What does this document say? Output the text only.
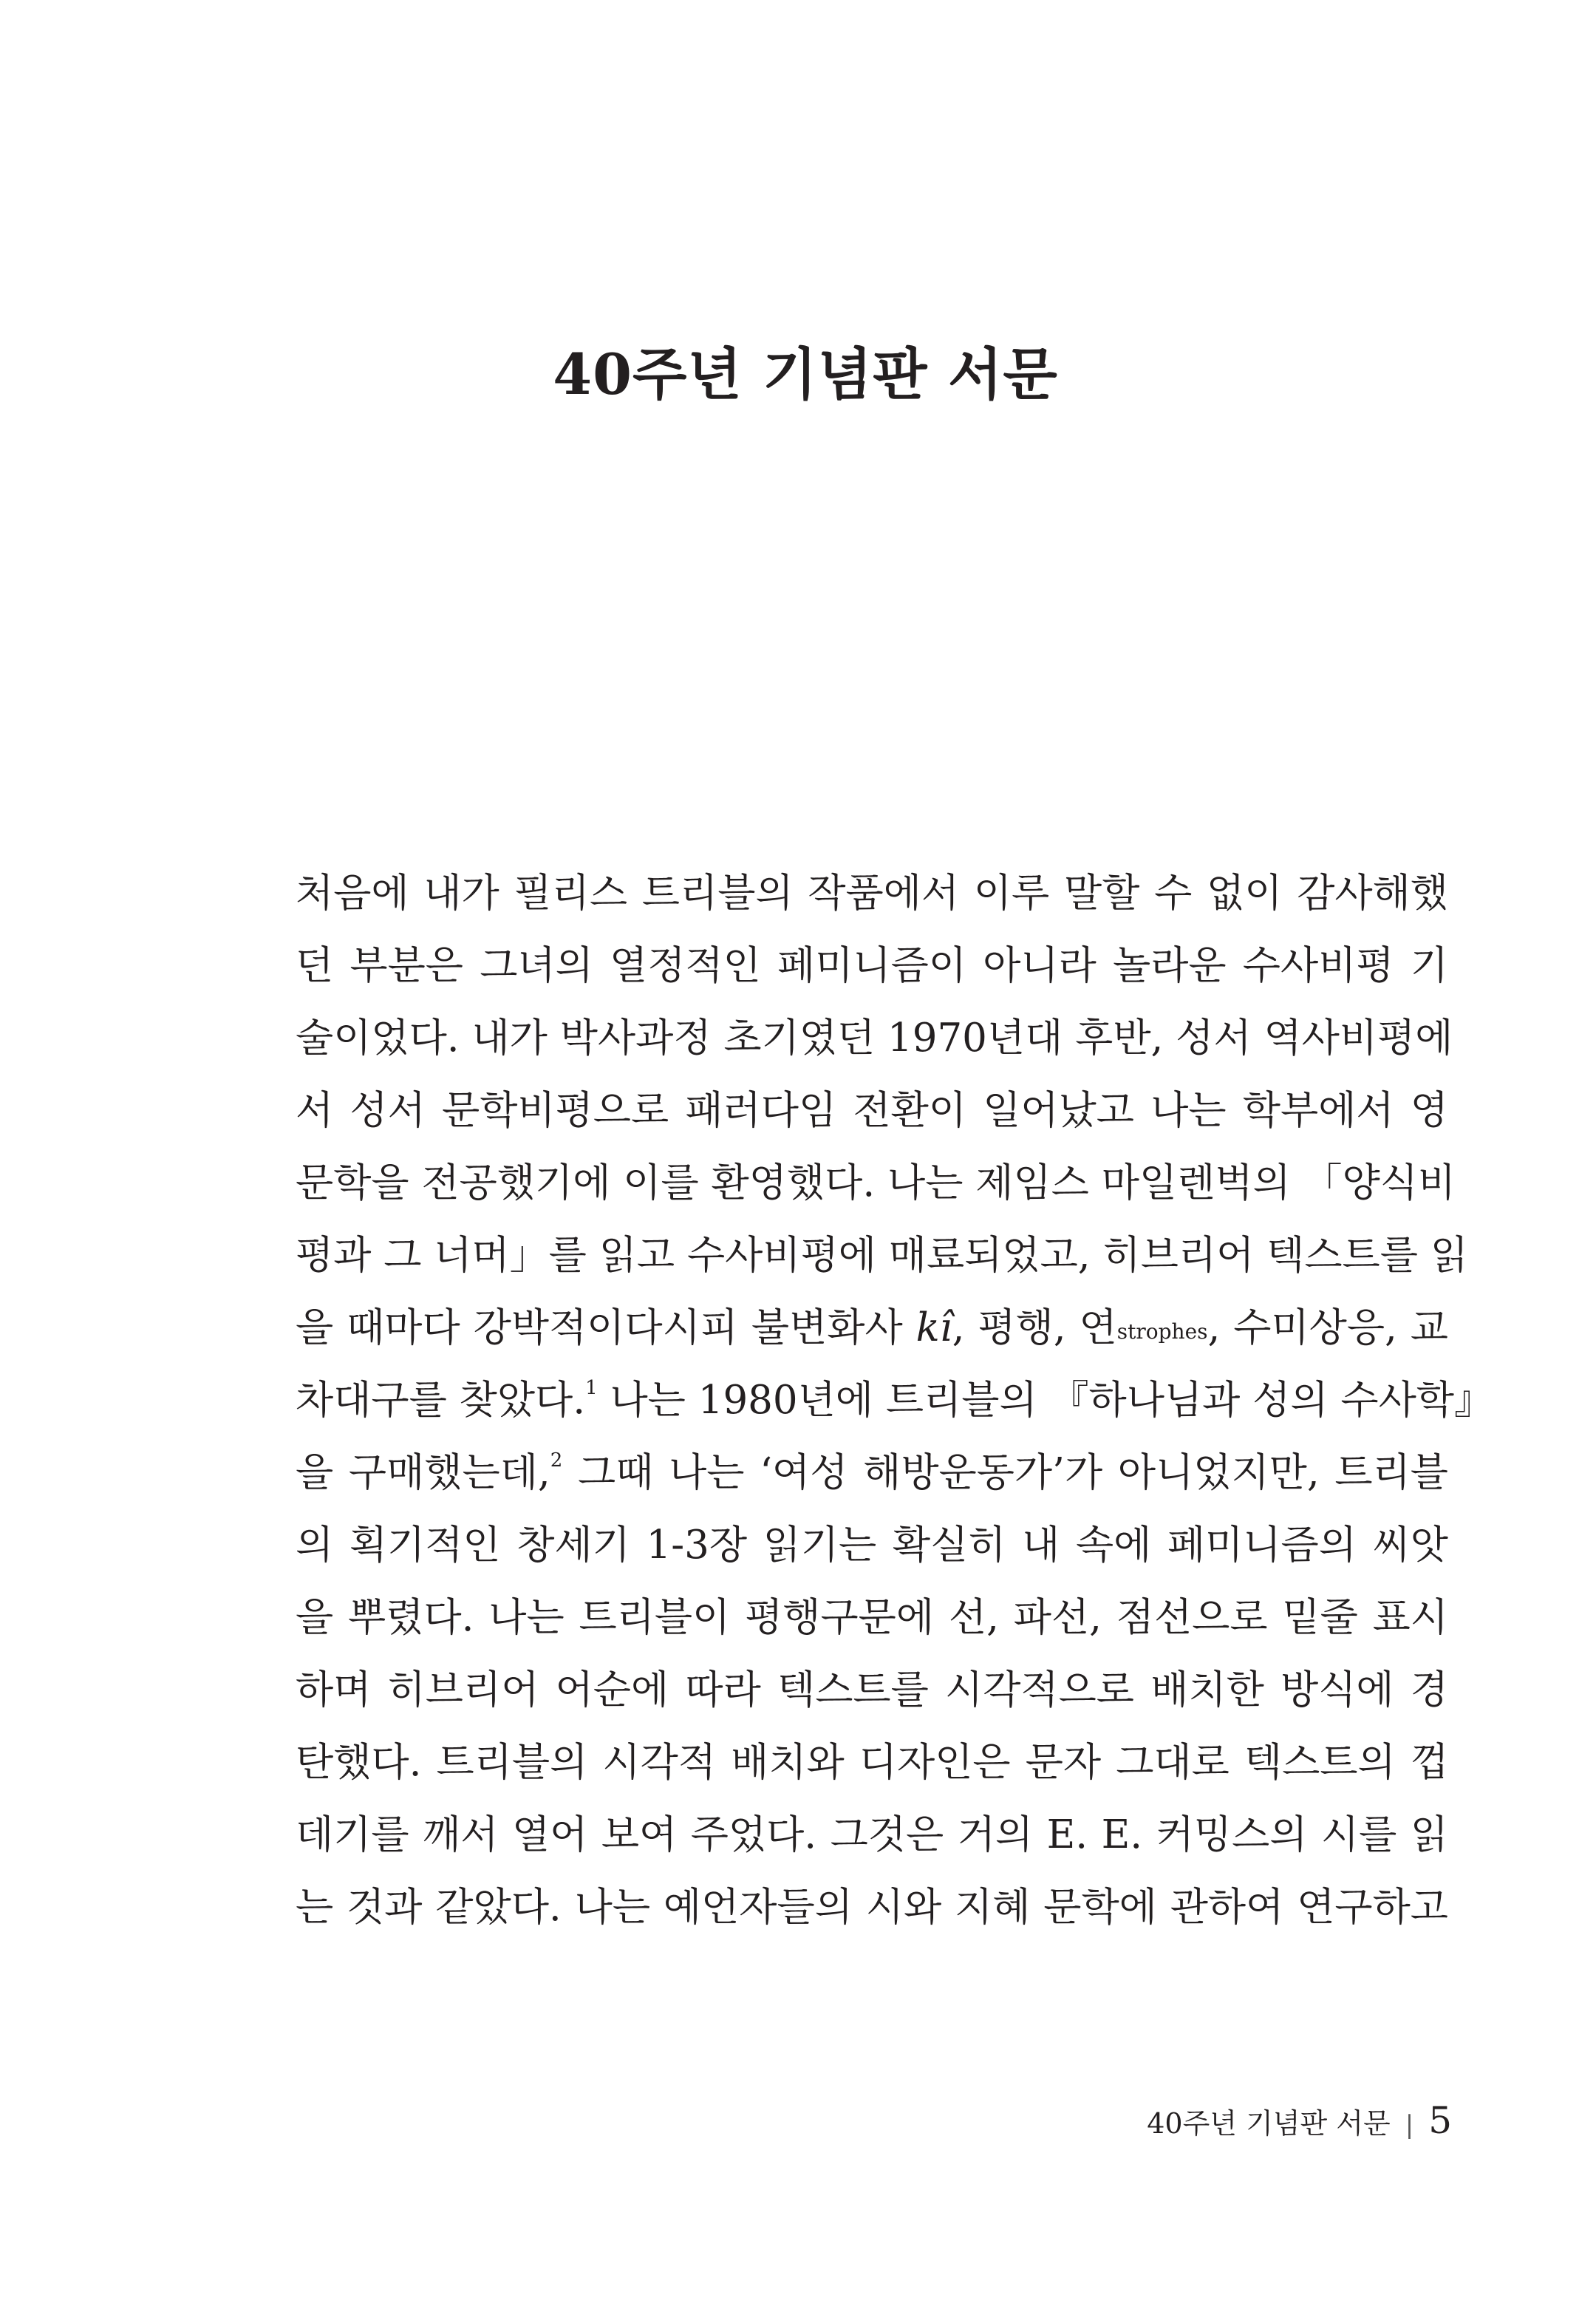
40주년 기념판 서문
처음에 내가 필리스 트리블의 작품에서 이루 말할 수 없이 감사해했
던 부분은 그녀의 열정적인 페미니즘이 아니라 놀라운 수사비평 기
술이었다. 내가 박사과정 초기였던 1970년대 후반, 성서 역사비평에
서 성서 문학비평으로 패러다임 전환이 일어났고 나는 학부에서 영
문학을 전공했기에 이를 환영했다. 나는 제임스 마일렌벅의 「양식비
평과 그 너머」를 읽고 수사비평에 매료되었고, 히브리어 텍스트를 읽
을 때마다 강박적이다시피 불변화사 kî, 평행, 연strophes, 수미상응, 교
차대구를 찾았다.$^1$ 나는 1980년에 트리블의 『하나님과 성의 수사학』
을 구매했는데,$^2$ 그때 나는 ‘여성 해방운동가’가 아니었지만, 트리블
의 획기적인 창세기 1-3장 읽기는 확실히 내 속에 페미니즘의 씨앗
을 뿌렸다. 나는 트리블이 평행구문에 선, 파선, 점선으로 밑줄 표시
하며 히브리어 어순에 따라 텍스트를 시각적으로 배치한 방식에 경
탄했다. 트리블의 시각적 배치와 디자인은 문자 그대로 텍스트의 껍
데기를 깨서 열어 보여 주었다. 그것은 거의 E. E. 커밍스의 시를 읽
는 것과 같았다. 나는 예언자들의 시와 지혜 문학에 관하여 연구하고
40주년 기념판 서문 | 5
